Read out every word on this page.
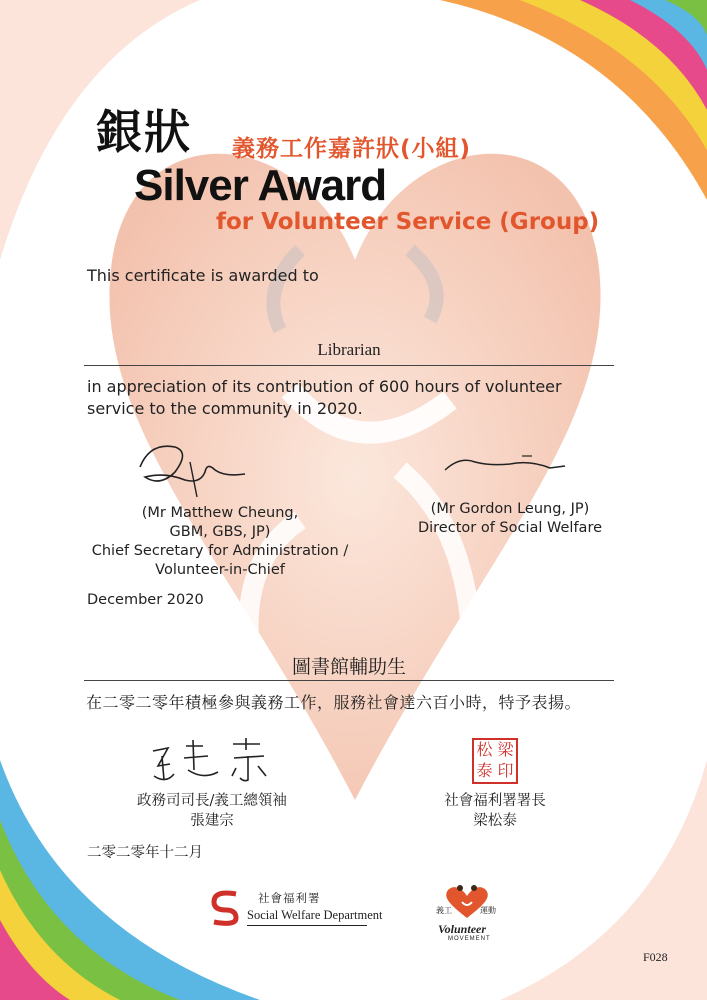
銀狀 義務工作嘉許狀(小組)
Silver Award
for Volunteer Service (Group)
This certificate is awarded to
Librarian
in appreciation of its contribution of 600 hours of volunteer
service to the community in 2020.
(Mr Matthew Cheung,
GBM, GBS, JP)
Chief Secretary for Administration /
Volunteer-in-Chief
(Mr Gordon Leung, JP)
Director of Social Welfare
December 2020
圖書館輔助生
在二零二零年積極參與義務工作，服務社會達六百小時，特予表揚。
松 梁
泰 印
政務司司長/義工總領袖
張建宗
社會福利署署長
梁松泰
二零二零年十二月
社會福利署
Social Welfare Department	義工	運動
Volunteer
MOVEMENT
F028
